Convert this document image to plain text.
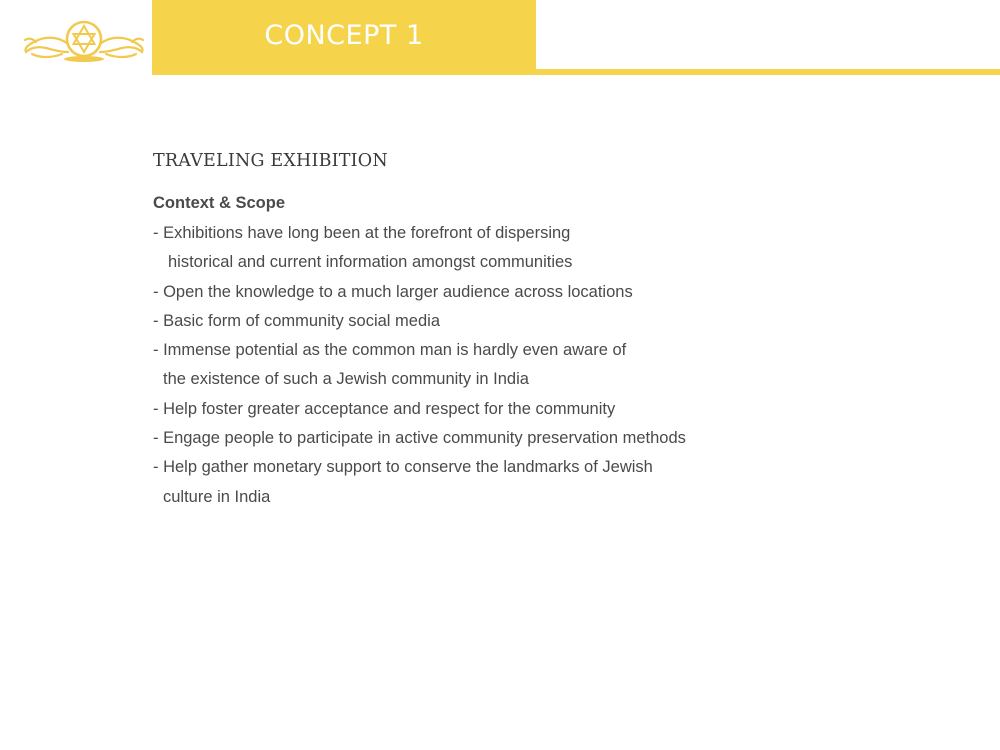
CONCEPT 1
TRAVELING EXHIBITION
Context & Scope
- Exhibitions have long been at the forefront of dispersing
historical and current information amongst communities
- Open the knowledge to a much larger audience across locations
- Basic form of community social media
- Immense potential as the common man is hardly even aware of
the existence of such a Jewish community in India
- Help foster greater acceptance and respect for the community
- Engage people to participate in active community preservation methods
- Help gather monetary support to conserve the landmarks of Jewish
culture in India
